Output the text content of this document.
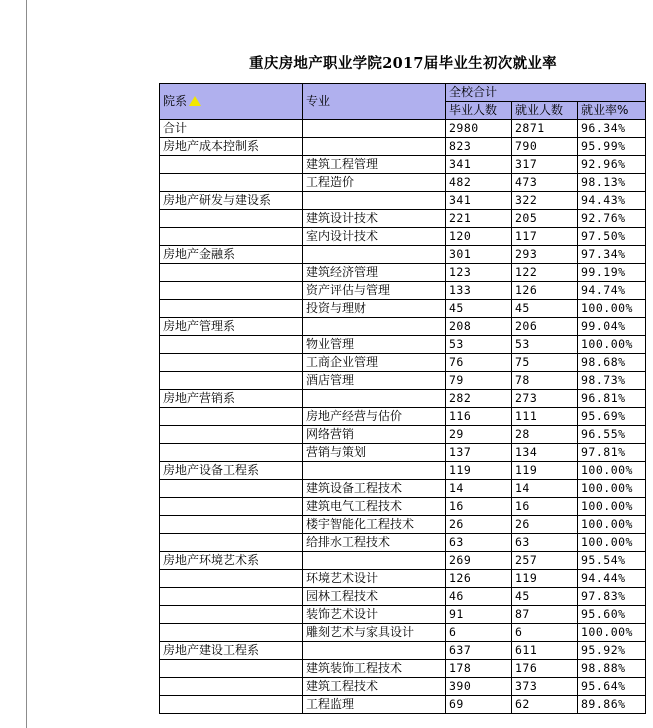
重庆房地产职业学院2017届毕业生初次就业率
院系	专业	全校合计		
		毕业人数	就业人数	就业率%
合计		2980	2871	96.34%
房地产成本控制系		823	790	95.99%
	建筑工程管理	341	317	92.96%
	工程造价	482	473	98.13%
房地产研发与建设系		341	322	94.43%
	建筑设计技术	221	205	92.76%
	室内设计技术	120	117	97.50%
房地产金融系		301	293	97.34%
	建筑经济管理	123	122	99.19%
	资产评估与管理	133	126	94.74%
	投资与理财	45	45	100.00%
房地产管理系		208	206	99.04%
	物业管理	53	53	100.00%
	工商企业管理	76	75	98.68%
	酒店管理	79	78	98.73%
房地产营销系		282	273	96.81%
	房地产经营与估价	116	111	95.69%
	网络营销	29	28	96.55%
	营销与策划	137	134	97.81%
房地产设备工程系		119	119	100.00%
	建筑设备工程技术	14	14	100.00%
	建筑电气工程技术	16	16	100.00%
	楼宇智能化工程技术	26	26	100.00%
	给排水工程技术	63	63	100.00%
房地产环境艺术系		269	257	95.54%
	环境艺术设计	126	119	94.44%
	园林工程技术	46	45	97.83%
	装饰艺术设计	91	87	95.60%
	雕刻艺术与家具设计	6	6	100.00%
房地产建设工程系		637	611	95.92%
	建筑装饰工程技术	178	176	98.88%
	建筑工程技术	390	373	95.64%
	工程监理	69	62	89.86%
